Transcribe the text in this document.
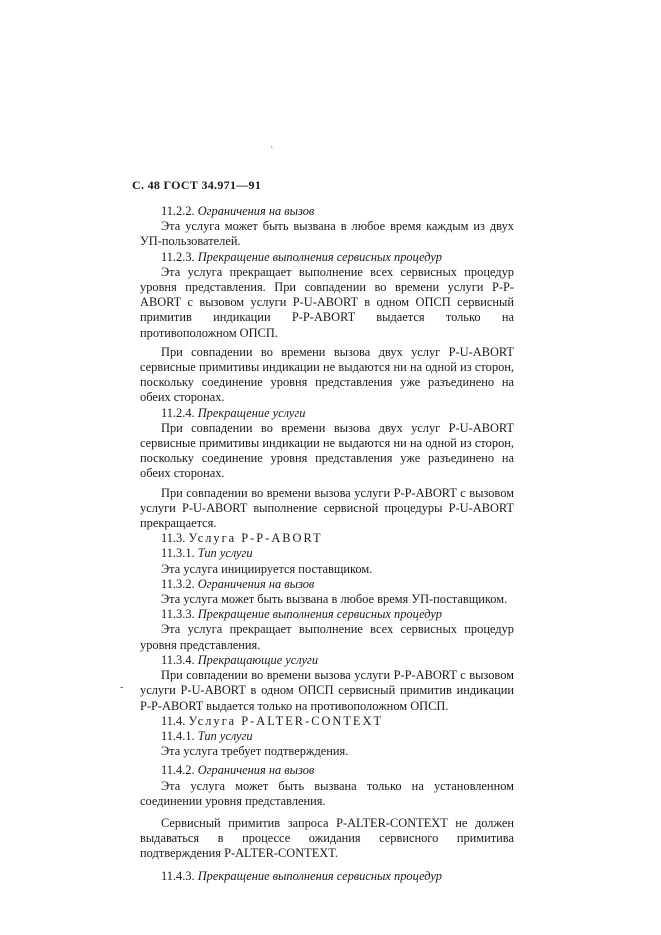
С. 48 ГОСТ 34.971—91

11.2.2. Ограничения на вызов

Эта услуга может быть вызвана в любое время каждым из двух УП-пользователей.

11.2.3. Прекращение выполнения сервисных процедур

Эта услуга прекращает выполнение всех сервисных процедур уровня представления. При совпадении во времени услуги P-P-ABORT с вызовом услуги P-U-ABORT в одном ОПСП сервисный примитив индикации P-P-ABORT выдается только на противоположном ОПСП.

При совпадении во времени вызова двух услуг P-U-ABORT сервисные примитивы индикации не выдаются ни на одной из сторон, поскольку соединение уровня представления уже разъединено на обеих сторонах.

11.2.4. Прекращение услуги

При совпадении во времени вызова двух услуг P-U-ABORT сервисные примитивы индикации не выдаются ни на одной из сторон, поскольку соединение уровня представления уже разъединено на обеих сторонах.

При совпадении во времени вызова услуги P-P-ABORT с вызовом услуги P-U-ABORT выполнение сервисной процедуры P-U-ABORT прекращается.

11.3. Услуга P-P-ABORT

11.3.1. Тип услуги

Эта услуга инициируется поставщиком.

11.3.2. Ограничения на вызов

Эта услуга может быть вызвана в любое время УП-поставщиком.

11.3.3. Прекращение выполнения сервисных процедур

Эта услуга прекращает выполнение всех сервисных процедур уровня представления.

11.3.4. Прекращающие услуги

При совпадении во времени вызова услуги P-P-ABORT с вызовом услуги P-U-ABORT в одном ОПСП сервисный примитив индикации P-P-ABORT выдается только на противоположном ОПСП.

11.4. Услуга P-ALTER-CONTEXT

11.4.1. Тип услуги

Эта услуга требует подтверждения.

11.4.2. Ограничения на вызов

Эта услуга может быть вызвана только на установленном соединении уровня представления.

Сервисный примитив запроса P-ALTER-CONTEXT не должен выдаваться в процессе ожидания сервисного примитива подтверждения P-ALTER-CONTEXT.

11.4.3. Прекращение выполнения сервисных процедур

ˋ
-
